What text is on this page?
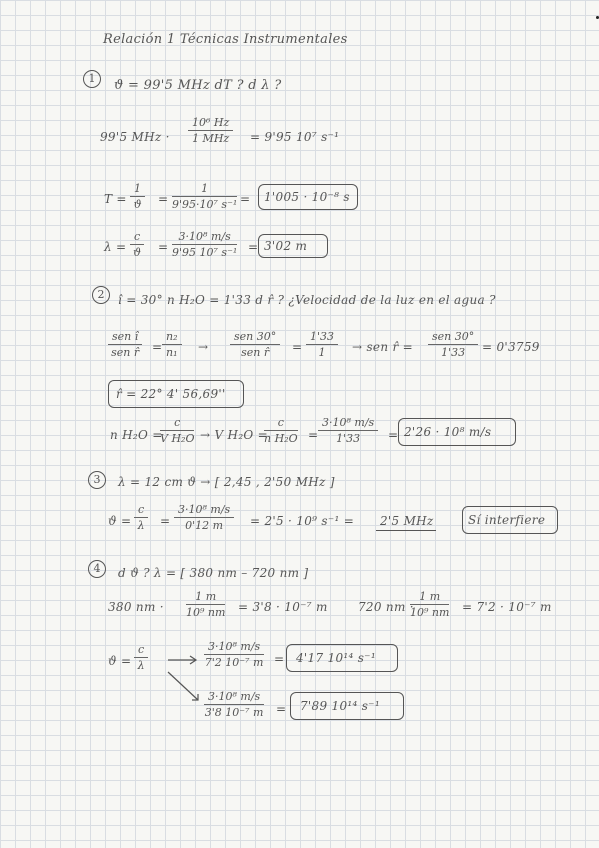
Relación 1 Técnicas Instrumentales
1	ϑ = 99'5 MHz dT ? d λ ?
99'5 MHz ·
10⁶ Hz
1 MHz	= 9'95 10⁷ s⁻¹
$T = \frac{1}{ϑ} = \frac{1}{\text{9'95·10⁷ s⁻¹}} = 1'005 \cdot 10^{-8}$ s
$\lambda = \frac{c}{ϑ} = \frac{\text{3·10⁸ m/s}}{\text{9'95 10⁷ s⁻¹}} = 3'02$ m
2	î = 30° n H₂O = 1'33 d r̂ ? ¿Velocidad de la luz en el agua ?
sen î
sen r̂ = $\frac{\text{n₂}}{\text{n₁}}$ →
sen 30°
sen r̂	= $\frac{1'33}{1}$ → sen r̂ =
sen 30°
1'33	= 0'3759
r̂ = 22° 4' 56,69''
n H₂O =
$\frac{c}{\text{V H₂O}} \to V$ H₂O =
$\frac{c}{\text{n H₂O}} = \frac{\text{3·10⁸ m/s}}{1'33} = 2'26 \cdot 10^8$ m/s
3	λ = 12 cm ϑ → [ 2,45 , 2'50 MHz ]
$ϑ = \frac{c}{\lambda} = \frac{\text{3·10⁸ m/s}}{0'12 m} = 2'5 \cdot 10^9$ s⁻¹ = 2'5 MHz	Sí interfiere
4	d ϑ ? λ = [ 380 nm – 720 nm ]
380 nm · $\frac{1 m}{\text{10⁹ nm}} = 3'8 \cdot 10^{-7}$ m	720 nm ·
$\frac{1 m}{\text{10⁹ nm}} = 7'2 \cdot 10^{-7}$ m
$ϑ = \frac{c}{\lambda}$	$\frac{\text{3·10⁸ m/s}}{\text{7'2 10⁻⁷ m}} = 4'17$ 10¹⁴ s⁻¹
$\frac{\text{3·10⁸ m/s}}{\text{3'8 10⁻⁷ m}} = 7'89$ 10¹⁴ s⁻¹
